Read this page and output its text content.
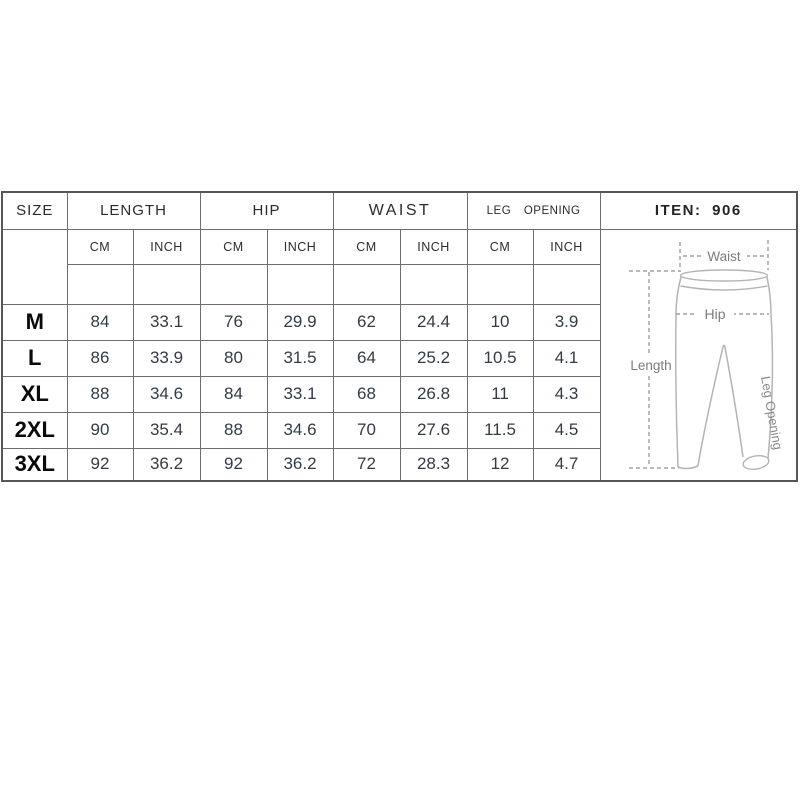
SIZE	LENGTH		HIP		WAIST		LEG OPENING		ITEN: 906
	CM	INCH	CM	INCH	CM	INCH	CM	INCH	Waist
Length
Hip
Leg Opening

M	84	33.1	76	29.9	62	24.4	10	3.9	
L	86	33.9	80	31.5	64	25.2	10.5	4.1	
XL	88	34.6	84	33.1	68	26.8	11	4.3	
2XL	90	35.4	88	34.6	70	27.6	11.5	4.5	
3XL	92	36.2	92	36.2	72	28.3	12	4.7	
